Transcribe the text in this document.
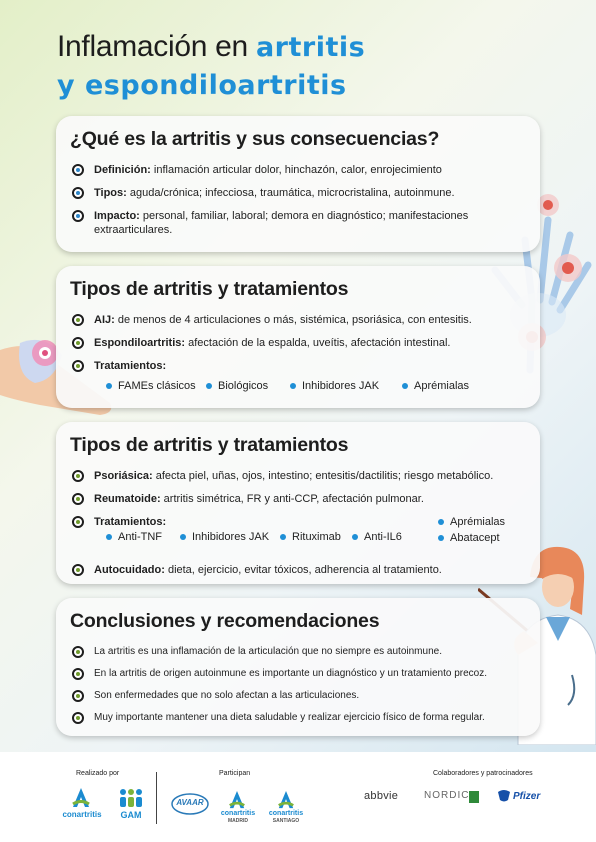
Inflamación en artritis
y espondiloartritis
¿Qué es la artritis y sus consecuencias?
Definición: inflamación articular dolor, hinchazón, calor, enrojecimiento
Tipos: aguda/crónica; infecciosa, traumática, microcristalina, autoinmune.
Impacto: personal, familiar, laboral; demora en diagnóstico; manifestaciones extraarticulares.
Tipos de artritis y tratamientos
AIJ: de menos de 4 articulaciones o más, sistémica, psoriásica, con entesitis.
Espondiloartritis: afectación de la espalda, uveítis, afectación intestinal.
Tratamientos:
FAMEs clásicos	Biológicos	Inhibidores JAK	Aprémialas
Tipos de artritis y tratamientos
Psoriásica: afecta piel, uñas, ojos, intestino; entesitis/dactilitis; riesgo metabólico.
Reumatoide: artritis simétrica, FR y anti-CCP, afectación pulmonar.
Tratamientos:
Anti-TNF	Inhibidores JAK	Rituximab	Anti-IL6
Aprémialas
Abatacept
Autocuidado: dieta, ejercicio, evitar tóxicos, adherencia al tratamiento.
Conclusiones y recomendaciones
La artritis es una inflamación de la articulación que no siempre es autoinmune.
En la artritis de origen autoinmune es importante un diagnóstico y un tratamiento precoz.
Son enfermedades que no solo afectan a las articulaciones.
Muy importante mantener una dieta saludable y realizar ejercicio físico de forma regular.
Realizado por	Participan	Colaboradores y patrocinadores
conartritis	GAM
AVAAR
conartritis
MADRID
conartritis
SANTIAGO
abbvie	NORDIC	Pfizer
